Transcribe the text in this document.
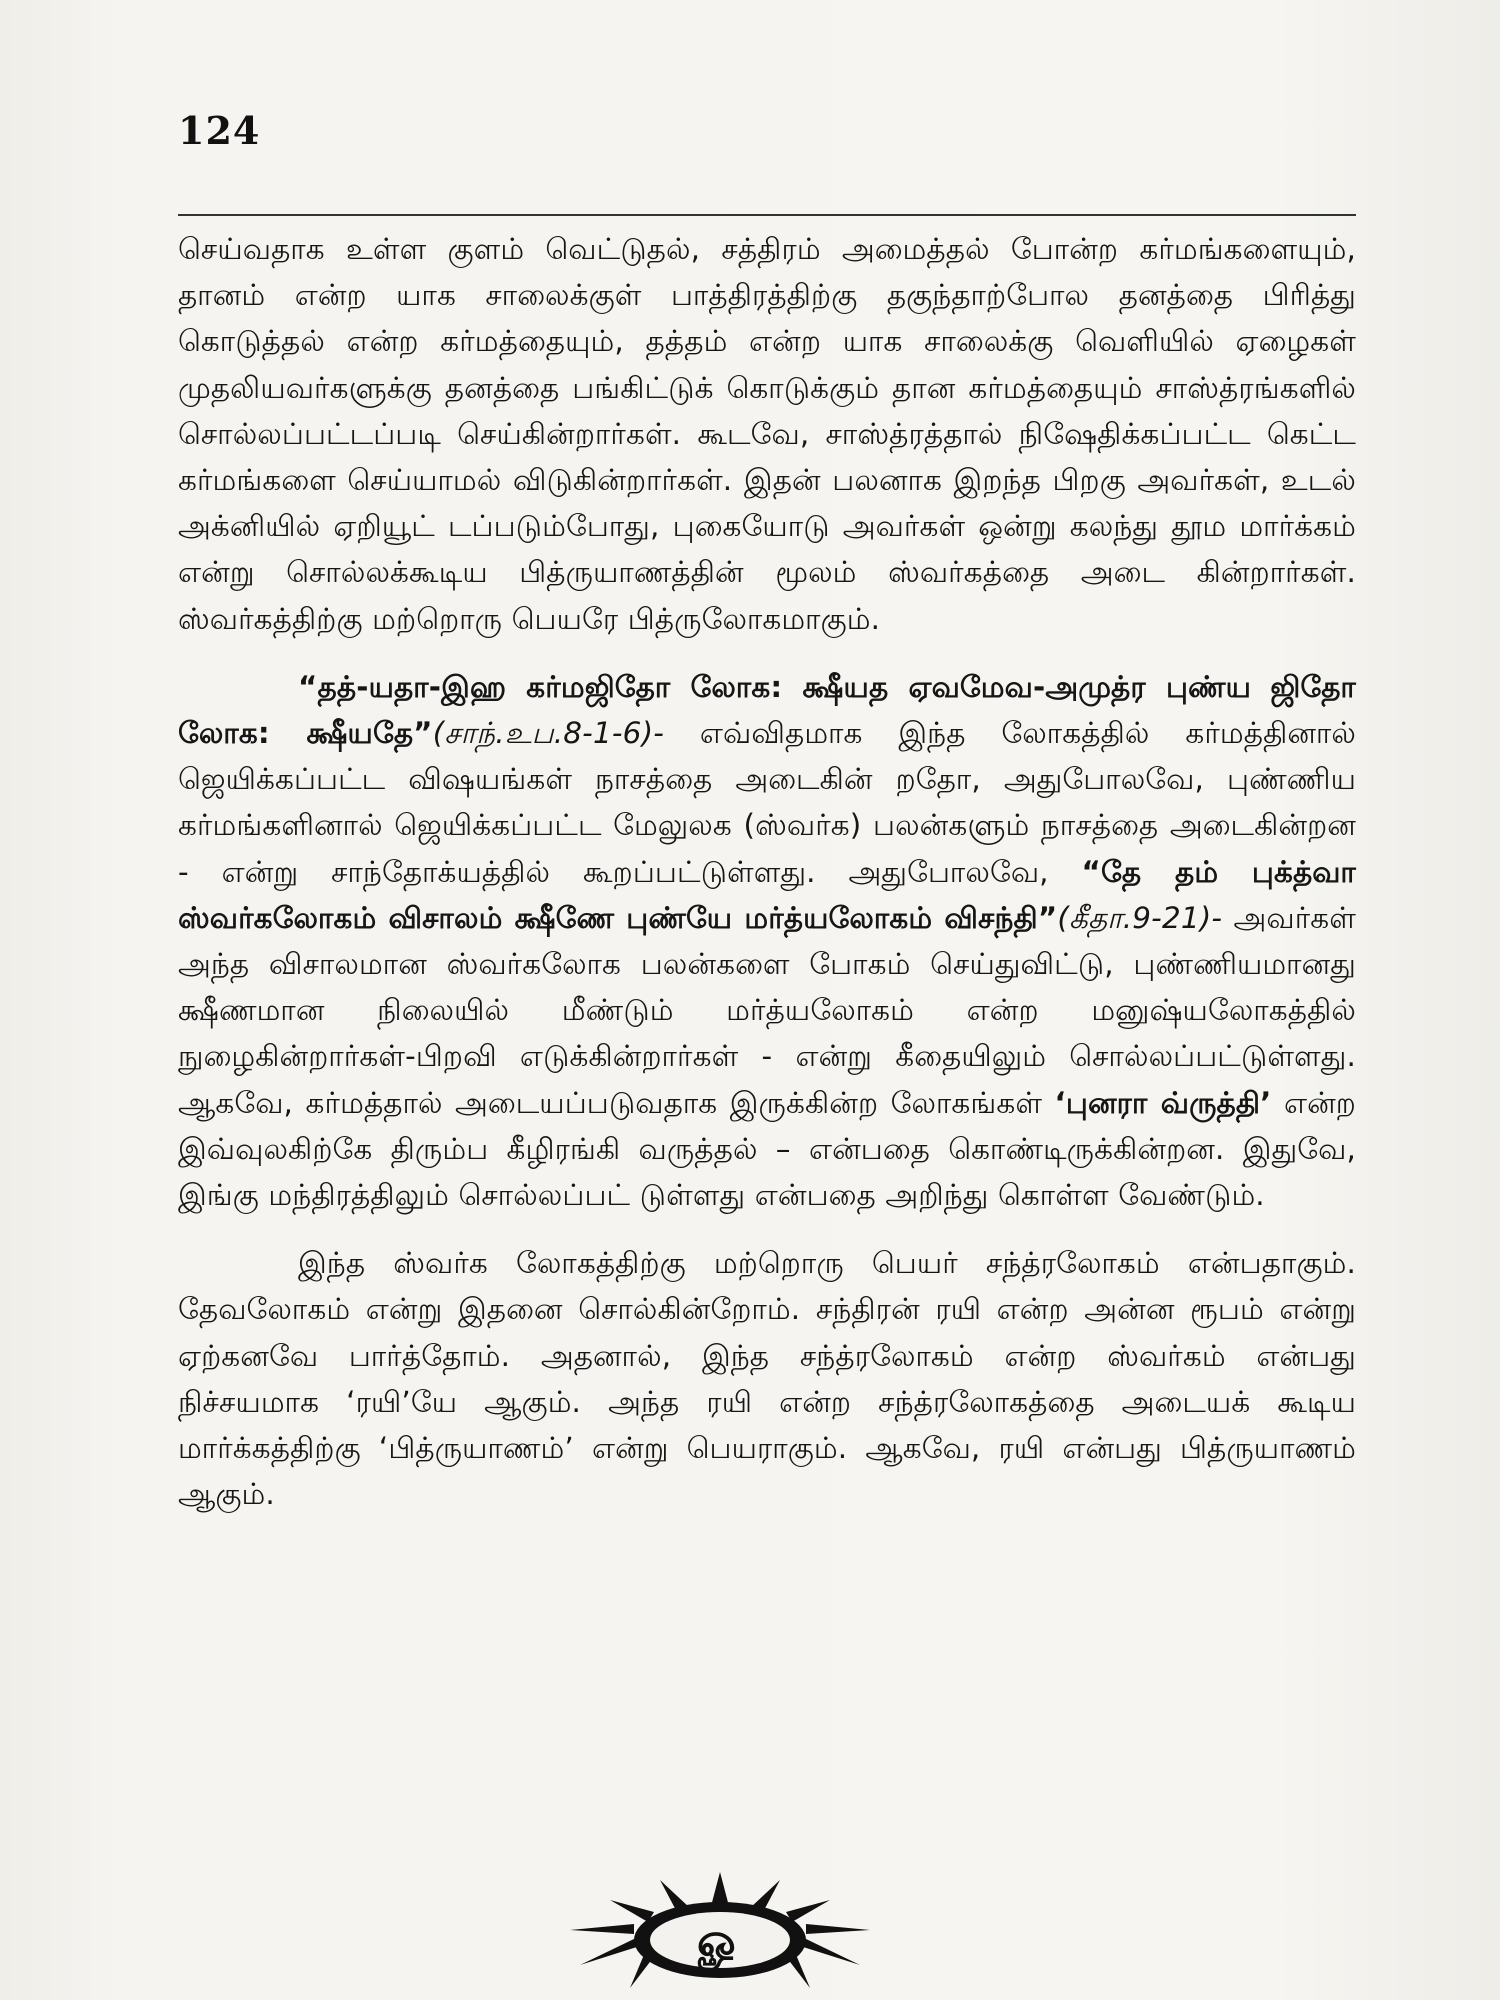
124

செய்வதாக உள்ள குளம் வெட்டுதல், சத்திரம் அமைத்தல் போன்ற கர்மங்களையும், தானம் என்ற யாக சாலைக்குள் பாத்திரத்திற்கு தகுந்தாற்போல தனத்தை பிரித்து கொடுத்தல் என்ற கர்மத்தையும், தத்தம் என்ற யாக சாலைக்கு வெளியில் ஏழைகள் முதலியவர்களுக்கு தனத்தை பங்கிட்டுக் கொடுக்கும் தான கர்மத்தையும் சாஸ்த்ரங்களில் சொல்லப்பட்டப்படி செய்கின்றார்கள். கூடவே, சாஸ்த்ரத்தால் நிஷேதிக்கப்பட்ட கெட்ட கர்மங்களை செய்யாமல் விடுகின்றார்கள். இதன் பலனாக இறந்த பிறகு அவர்கள், உடல் அக்னியில் ஏறியூட் டப்படும்போது, புகையோடு அவர்கள் ஒன்று கலந்து தூம மார்க்கம் என்று சொல்லக்கூடிய பித்ருயாணத்தின் மூலம் ஸ்வர்கத்தை அடை கின்றார்கள். ஸ்வர்கத்திற்கு மற்றொரு பெயரே பித்ருலோகமாகும்.

“தத்-யதா-இஹ கர்மஜிதோ லோக: க்ஷீயத ஏவமேவ-அமுத்ர புண்ய ஜிதோ லோக: க்ஷீயதே”(சாந்.உப.8-1-6)- எவ்விதமாக இந்த லோகத்தில் கர்மத்தினால் ஜெயிக்கப்பட்ட விஷயங்கள் நாசத்தை அடைகின் றதோ, அதுபோலவே, புண்ணிய கர்மங்களினால் ஜெயிக்கப்பட்ட மேலுலக (ஸ்வர்க) பலன்களும் நாசத்தை அடைகின்றன - என்று சாந்தோக்யத்தில் கூறப்பட்டுள்ளது. அதுபோலவே, “தே தம் புக்த்வா ஸ்வர்கலோகம் விசாலம் க்ஷீணே புண்யே மர்த்யலோகம் விசந்தி”(கீதா.9-21)- அவர்கள் அந்த விசாலமான ஸ்வர்கலோக பலன்களை போகம் செய்துவிட்டு, புண்ணியமானது க்ஷீணமான நிலையில் மீண்டும் மர்த்யலோகம் என்ற மனுஷ்யலோகத்தில் நுழைகின்றார்கள்-பிறவி எடுக்கின்றார்கள் - என்று கீதையிலும் சொல்லப்பட்டுள்ளது. ஆகவே, கர்மத்தால் அடையப்படுவதாக இருக்கின்ற லோகங்கள் ‘புனரா வ்ருத்தி’ என்ற இவ்வுலகிற்கே திரும்ப கீழிரங்கி வருத்தல் – என்பதை கொண்டிருக்கின்றன. இதுவே, இங்கு மந்திரத்திலும் சொல்லப்பட் டுள்ளது என்பதை அறிந்து கொள்ள வேண்டும்.

இந்த ஸ்வர்க லோகத்திற்கு மற்றொரு பெயர் சந்த்ரலோகம் என்பதாகும். தேவலோகம் என்று இதனை சொல்கின்றோம். சந்திரன் ரயி என்ற அன்ன ரூபம் என்று ஏற்கனவே பார்த்தோம். அதனால், இந்த சந்த்ரலோகம் என்ற ஸ்வர்கம் என்பது நிச்சயமாக ‘ரயி’யே ஆகும். அந்த ரயி என்ற சந்த்ரலோகத்தை அடையக் கூடிய மார்க்கத்திற்கு ‘பித்ருயாணம்’ என்று பெயராகும். ஆகவே, ரயி என்பது பித்ருயாணம் ஆகும்.

ௐ
